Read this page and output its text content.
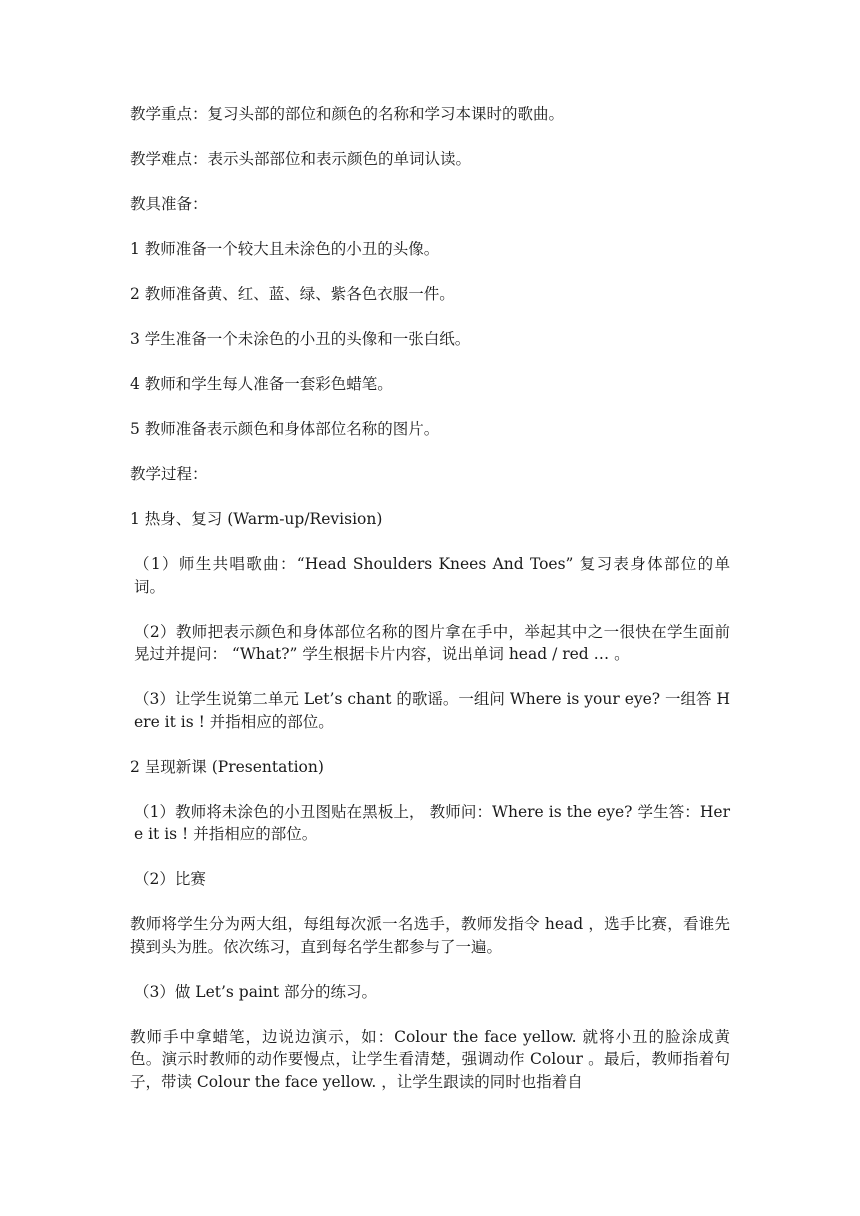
教学重点：复习头部的部位和颜色的名称和学习本课时的歌曲。

教学难点：表示头部部位和表示颜色的单词认读。

教具准备：

1 教师准备一个较大且未涂色的小丑的头像。

2 教师准备黄、红、蓝、绿、紫各色衣服一件。

3 学生准备一个未涂色的小丑的头像和一张白纸。

4 教师和学生每人准备一套彩色蜡笔。

5 教师准备表示颜色和身体部位名称的图片。

教学过程：

1 热身、复习 (Warm-up/Revision)

（1）师生共唱歌曲：“Head Shoulders Knees And Toes” 复习表身体部位的单词。

（2）教师把表示颜色和身体部位名称的图片拿在手中，举起其中之一很快在学生面前晃过并提问： “What?” 学生根据卡片内容，说出单词 head / red … 。

（3）让学生说第二单元 Let’s chant 的歌谣。一组问 Where is your eye? 一组答 Here it is ! 并指相应的部位。

2 呈现新课 (Presentation)

（1）教师将未涂色的小丑图贴在黑板上， 教师问：Where is the eye? 学生答：Here it is ! 并指相应的部位。

（2）比赛

教师将学生分为两大组，每组每次派一名选手，教师发指令 head ，选手比赛，看谁先摸到头为胜。依次练习，直到每名学生都参与了一遍。

（3）做 Let’s paint 部分的练习。

教师手中拿蜡笔，边说边演示，如：Colour the face yellow. 就将小丑的脸涂成黄色。演示时教师的动作要慢点，让学生看清楚，强调动作 Colour 。最后，教师指着句子，带读 Colour the face yellow. ，让学生跟读的同时也指着自
